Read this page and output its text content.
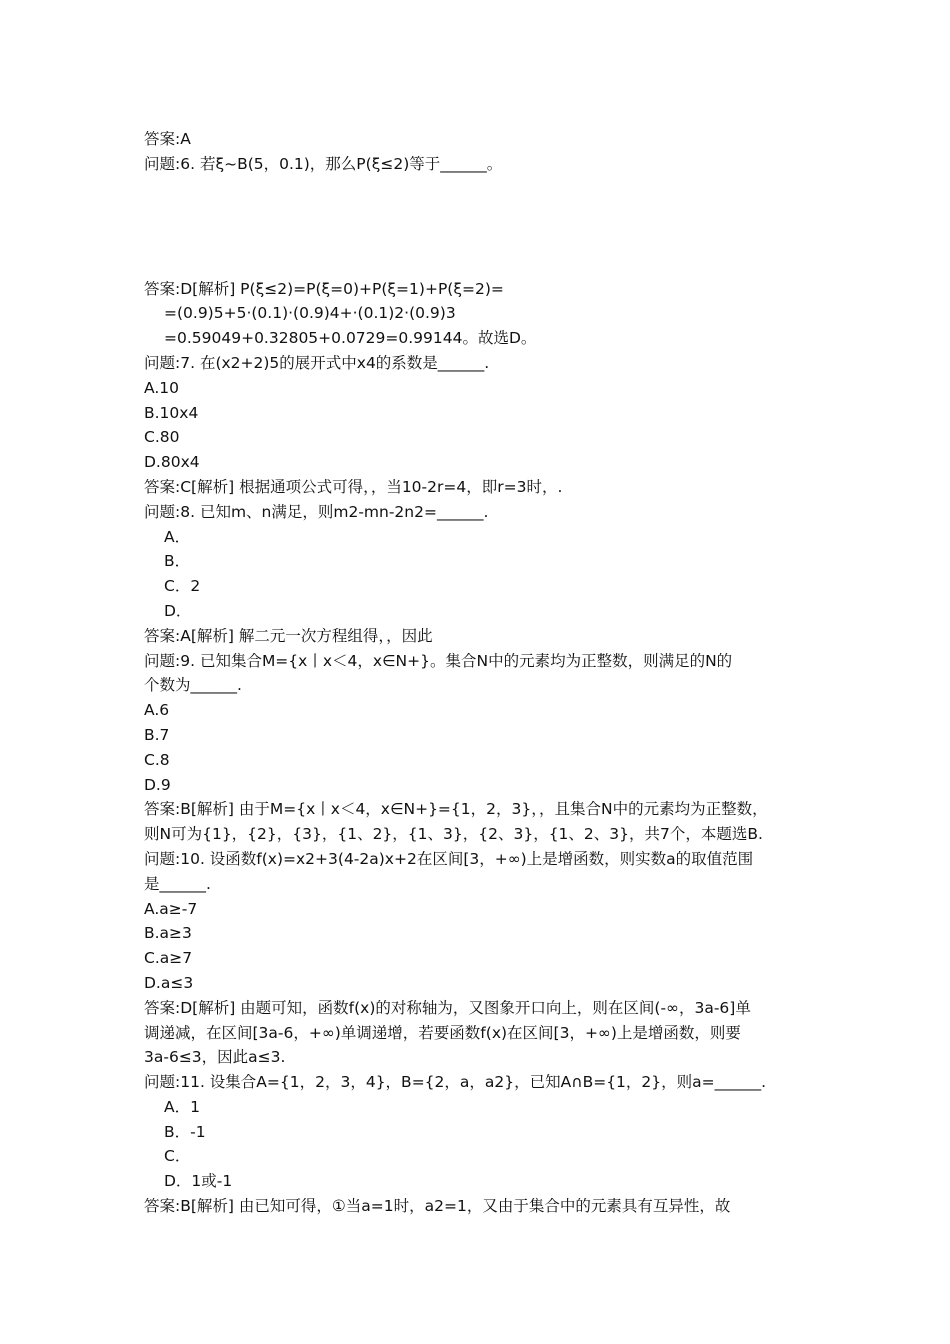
答案:A
问题:6. 若ξ~B(5，0.1)，那么P(ξ≤2)等于______。
答案:D[解析] P(ξ≤2)=P(ξ=0)+P(ξ=1)+P(ξ=2)=
=(0.9)5+5·(0.1)·(0.9)4+·(0.1)2·(0.9)3
=0.59049+0.32805+0.0729=0.99144。故选D。
问题:7. 在(x2+2)5的展开式中x4的系数是______.
A.10
B.10x4
C.80
D.80x4
答案:C[解析] 根据通项公式可得，，当10-2r=4，即r=3时，.
问题:8. 已知m、n满足，则m2-mn-2n2=______.
A．
B．
C．2
D．
答案:A[解析] 解二元一次方程组得，，因此
问题:9. 已知集合M={x丨x＜4，x∈N+}。集合N中的元素均为正整数，则满足的N的
个数为______.
A.6
B.7
C.8
D.9
答案:B[解析] 由于M={x丨x＜4，x∈N+}={1，2，3}，，且集合N中的元素均为正整数，
则N可为{1}，{2}，{3}，{1、2}，{1、3}，{2、3}，{1、2、3}，共7个，本题选B.
问题:10. 设函数f(x)=x2+3(4-2a)x+2在区间[3，+∞)上是增函数，则实数a的取值范围
是______.
A.a≥-7
B.a≥3
C.a≥7
D.a≤3
答案:D[解析] 由题可知，函数f(x)的对称轴为，又图象开口向上，则在区间(-∞，3a-6]单
调递减，在区间[3a-6，+∞)单调递增，若要函数f(x)在区间[3，+∞)上是增函数，则要
3a-6≤3，因此a≤3.
问题:11. 设集合A={1，2，3，4}，B={2，a，a2}，已知A∩B={1，2}，则a=______.
A．1
B．-1
C．
D．1或-1
答案:B[解析] 由已知可得，①当a=1时，a2=1，又由于集合中的元素具有互异性，故
